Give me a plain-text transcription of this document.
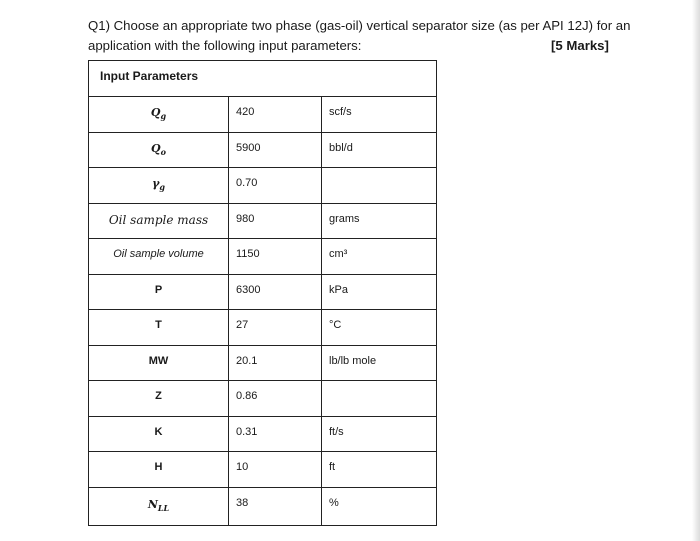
Q1) Choose an appropriate two phase (gas-oil) vertical separator size (as per API 12J) for an
application with the following input parameters:	[5 Marks]
Input Parameters
$Q_g$	420	scf/s
$Q_o$	5900	bbl/d
$\gamma_g$	0.70
Oil sample mass	980	grams
Oil sample volume	1150	cm³
P	6300	kPa
T	27	°C
MW	20.1	lb/lb mole
Z	0.86
K	0.31	ft/s
H	10	ft
$N_{LL}$	38	%
